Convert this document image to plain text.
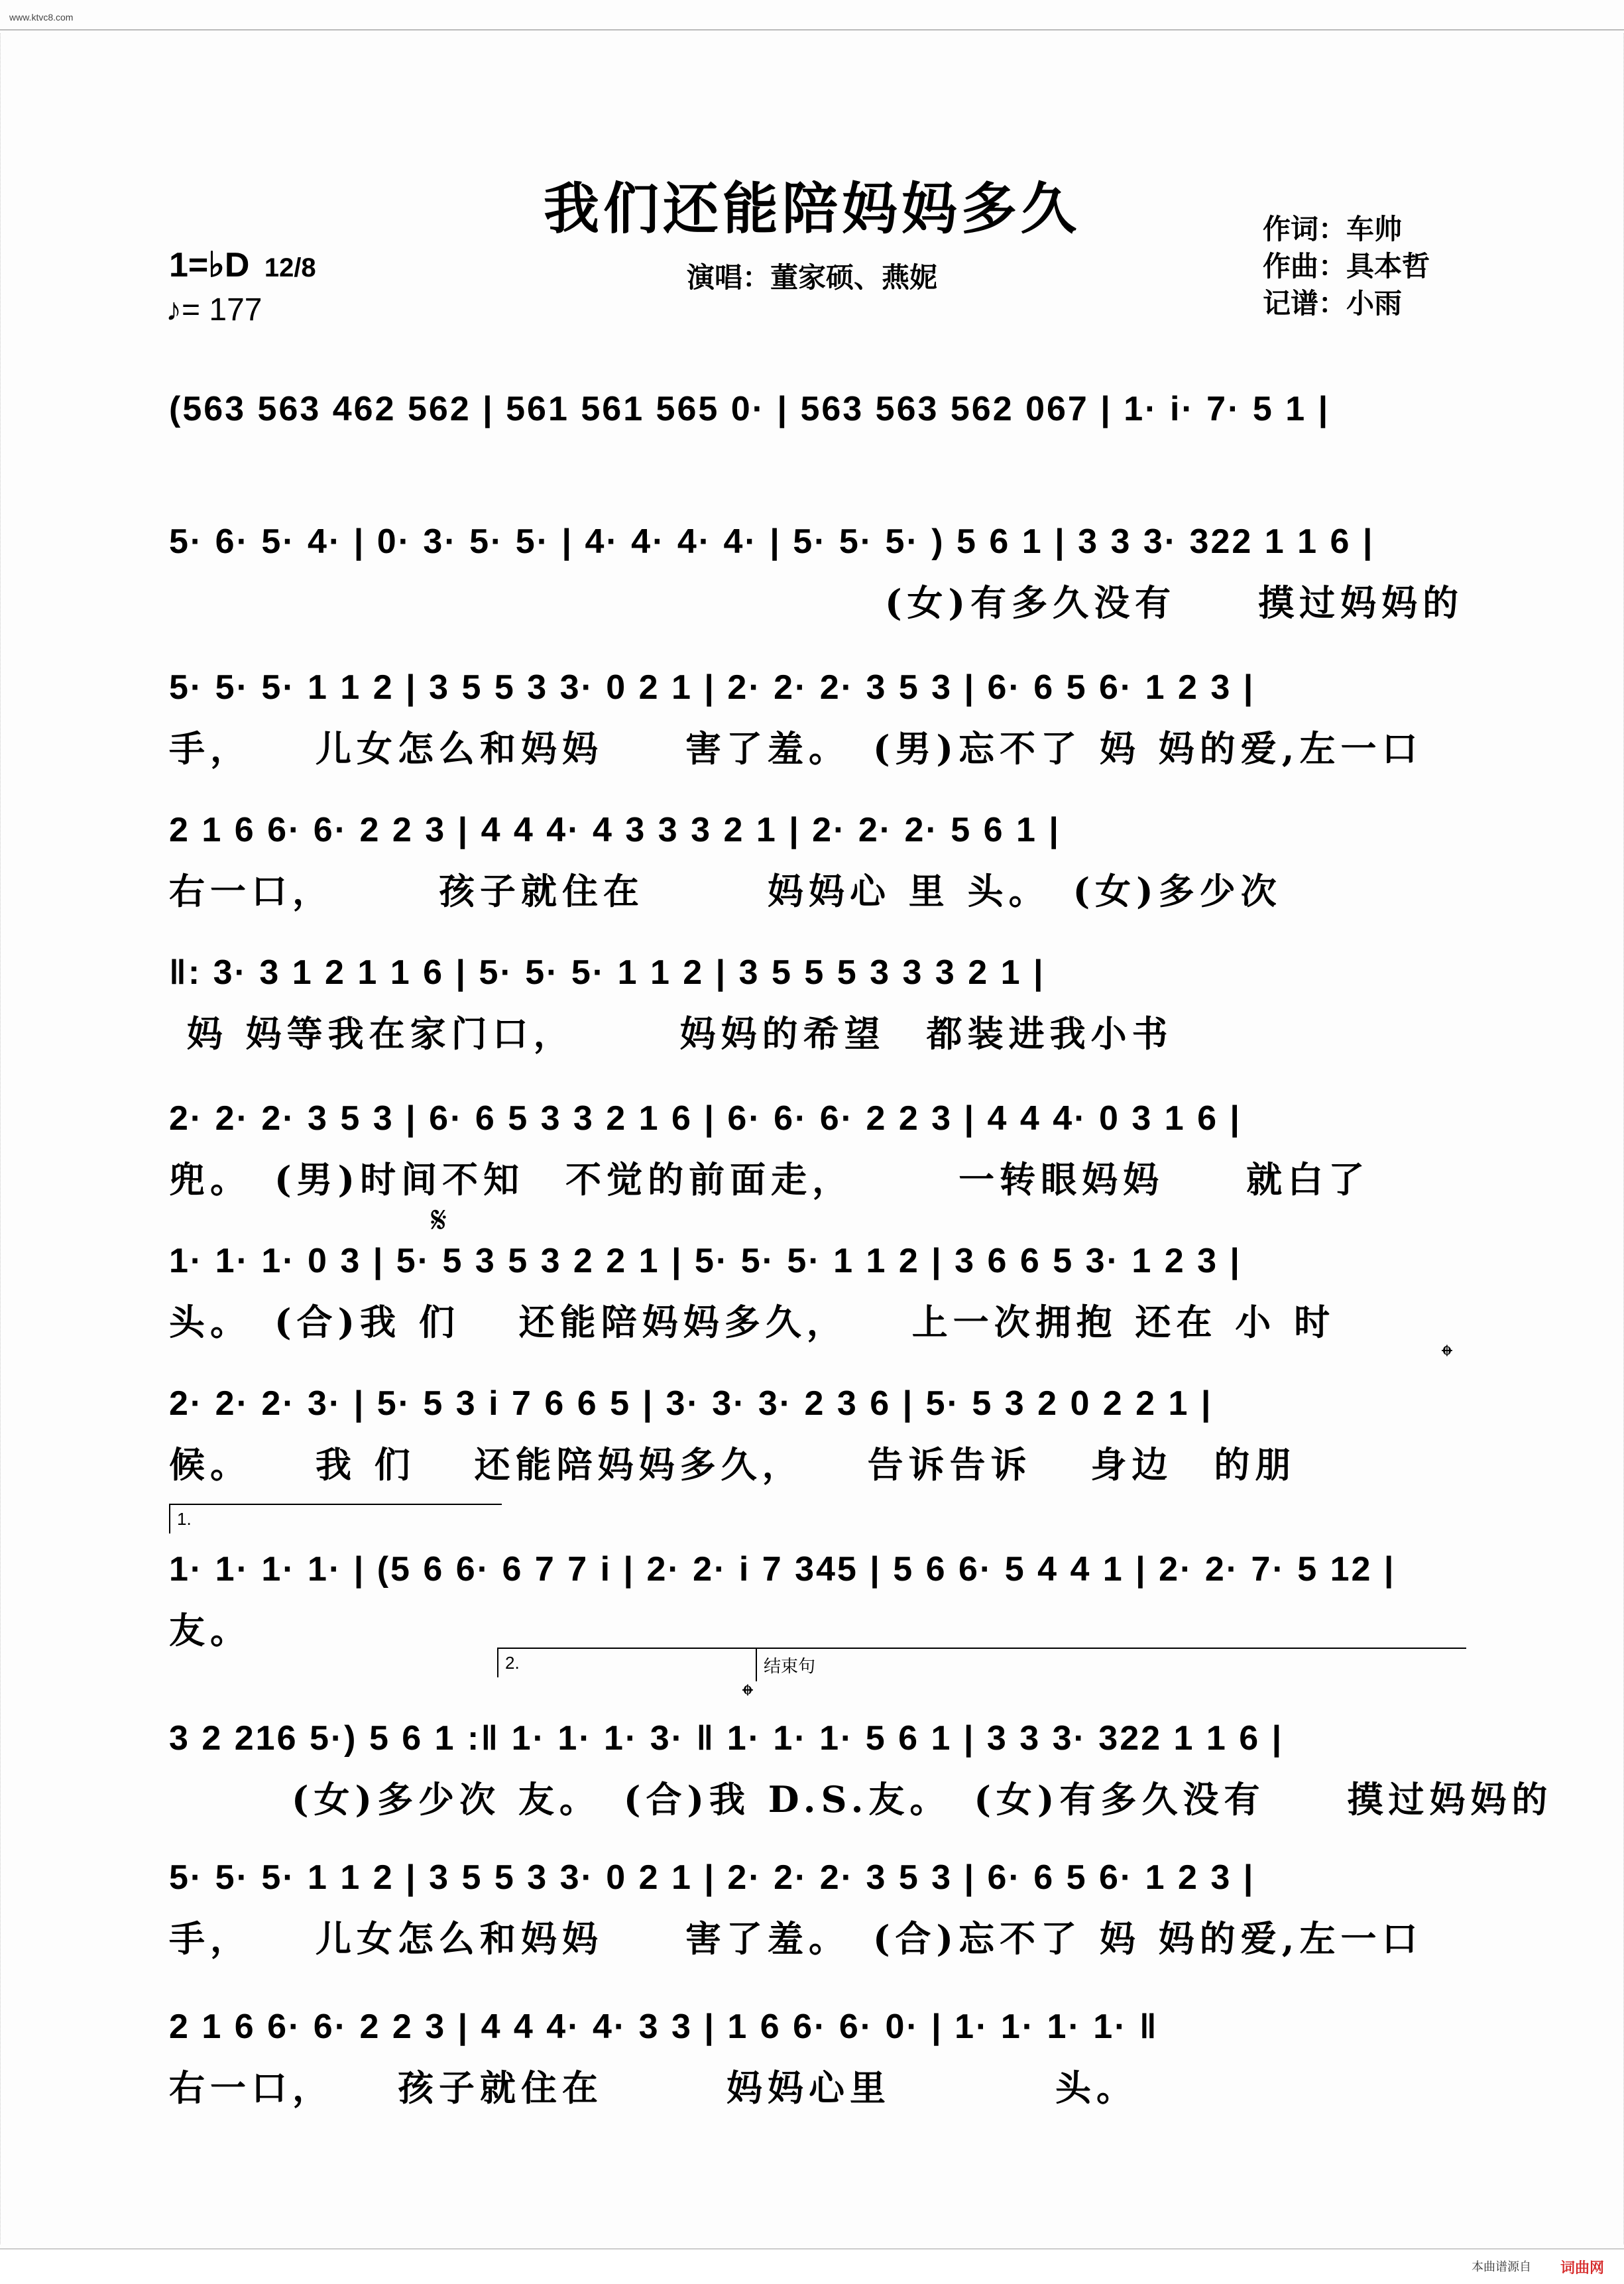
www.ktvc8.com
我们还能陪妈妈多久
演唱：董家硕、燕妮
作词：车帅
作曲：具本哲
记谱：小雨
1=♭D 12/8
♪= 177
𝄋
𝄌
1.
2.	结束句
𝄌
(563 563 462 562 | 561 561 565 0· | 563 563 562 067 | 1· i· 7· 5 1 |
5· 6· 5· 4· | 0· 3· 5· 5· | 4· 4· 4· 4· | 5· 5· 5· ) 5 6 1 | 3 3 3· 322 1 1 6 |
(女)有多久没有　　摸过妈妈的
5· 5· 5· 1 1 2 | 3 5 5 3 3· 0 2 1 | 2· 2· 2· 3 5 3 | 6· 6 5 6· 1 2 3 |
手，　　儿女怎么和妈妈　　害了羞。　(男)忘不了 妈 妈的爱,左一口
2 1 6 6· 6· 2 2 3 | 4 4 4· 4 3 3 3 2 1 | 2· 2· 2· 5 6 1 |
右一口，　　　孩子就住在　　　妈妈心 里 头。　(女)多少次
‖: 3· 3 1 2 1 1 6 | 5· 5· 5· 1 1 2 | 3 5 5 5 3 3 3 2 1 |
妈 妈等我在家门口，　　　妈妈的希望　都装进我小书
2· 2· 2· 3 5 3 | 6· 6 5 3 3 2 1 6 | 6· 6· 6· 2 2 3 | 4 4 4· 0 3 1 6 |
兜。　(男)时间不知　不觉的前面走，　　　一转眼妈妈　　就白了
1· 1· 1· 0 3 | 5· 5 3 5 3 2 2 1 | 5· 5· 5· 1 1 2 | 3 6 6 5 3· 1 2 3 |
头。　(合)我 们　 还能陪妈妈多久，　　上一次拥抱 还在 小 时
2· 2· 2· 3· | 5· 5 3 i 7 6 6 5 | 3· 3· 3· 2 3 6 | 5· 5 3 2 0 2 2 1 |
候。　　我 们　 还能陪妈妈多久，　　告诉告诉　 身边　的朋
1· 1· 1· 1· | (5 6 6· 6 7 7 i | 2· 2· i 7 345 | 5 6 6· 5 4 4 1 | 2· 2· 7· 5 12 |
友。
3 2 216 5·) 5 6 1 :‖ 1· 1· 1· 3· ‖ 1· 1· 1· 5 6 1 | 3 3 3· 322 1 1 6 |
(女)多少次 友。　(合)我 D.S.友。　(女)有多久没有　　摸过妈妈的
5· 5· 5· 1 1 2 | 3 5 5 3 3· 0 2 1 | 2· 2· 2· 3 5 3 | 6· 6 5 6· 1 2 3 |
手，　　儿女怎么和妈妈　　害了羞。　(合)忘不了 妈 妈的爱,左一口
2 1 6 6· 6· 2 2 3 | 4 4 4· 4· 3 3 | 1 6 6· 6· 0· | 1· 1· 1· 1· ‖
右一口，　　孩子就住在　　　妈妈心里　　　　头。
本曲谱源自 词曲网
